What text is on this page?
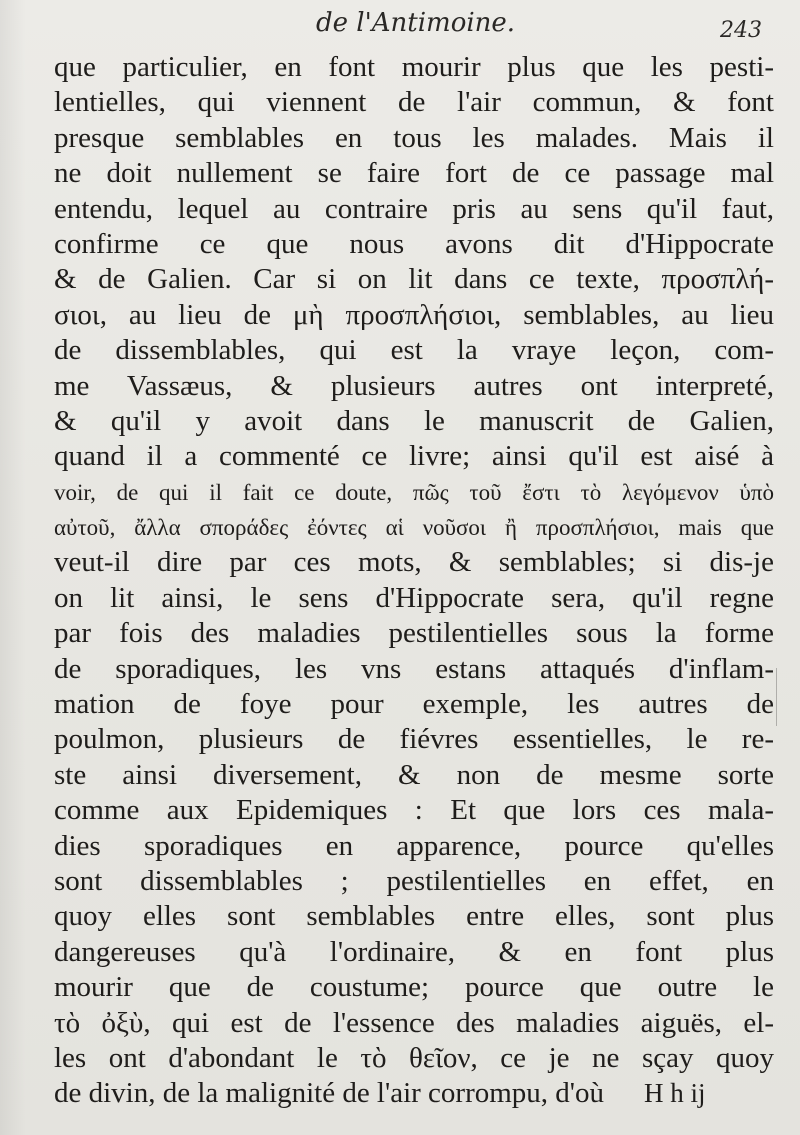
de l'Antimoine.	243
que particulier, en font mourir plus que les pesti-
lentielles, qui viennent de l'air commun, & font
presque semblables en tous les malades. Mais il
ne doit nullement se faire fort de ce passage mal
entendu, lequel au contraire pris au sens qu'il faut,
confirme ce que nous avons dit d'Hippocrate
& de Galien. Car si on lit dans ce texte, προσπλή-
σιοι, au lieu de μὴ προσπλήσιοι, semblables, au lieu
de dissemblables, qui est la vraye leçon, com-
me Vassæus, & plusieurs autres ont interpreté,
& qu'il y avoit dans le manuscrit de Galien,
quand il a commenté ce livre; ainsi qu'il est aisé à
voir, de qui il fait ce doute, πῶς τοῦ ἔστι τὸ λεγόμενον ὑπὸ
αὐτοῦ, ἄλλα σποράδες ἐόντες αἱ νοῦσοι ἢ προσπλήσιοι, mais que
veut-il dire par ces mots, & semblables; si dis-je
on lit ainsi, le sens d'Hippocrate sera, qu'il regne
par fois des maladies pestilentielles sous la forme
de sporadiques, les vns estans attaqués d'inflam-
mation de foye pour exemple, les autres de
poulmon, plusieurs de fiévres essentielles, le re-
ste ainsi diversement, & non de mesme sorte
comme aux Epidemiques : Et que lors ces mala-
dies sporadiques en apparence, pource qu'elles
sont dissemblables ; pestilentielles en effet, en
quoy elles sont semblables entre elles, sont plus
dangereuses qu'à l'ordinaire, & en font plus
mourir que de coustume; pource que outre le
τὸ ὀξὺ, qui est de l'essence des maladies aiguës, el-
les ont d'abondant le τὸ θεῖον, ce je ne sçay quoy
de divin, de la malignité de l'air corrompu, d'où	H h ij
